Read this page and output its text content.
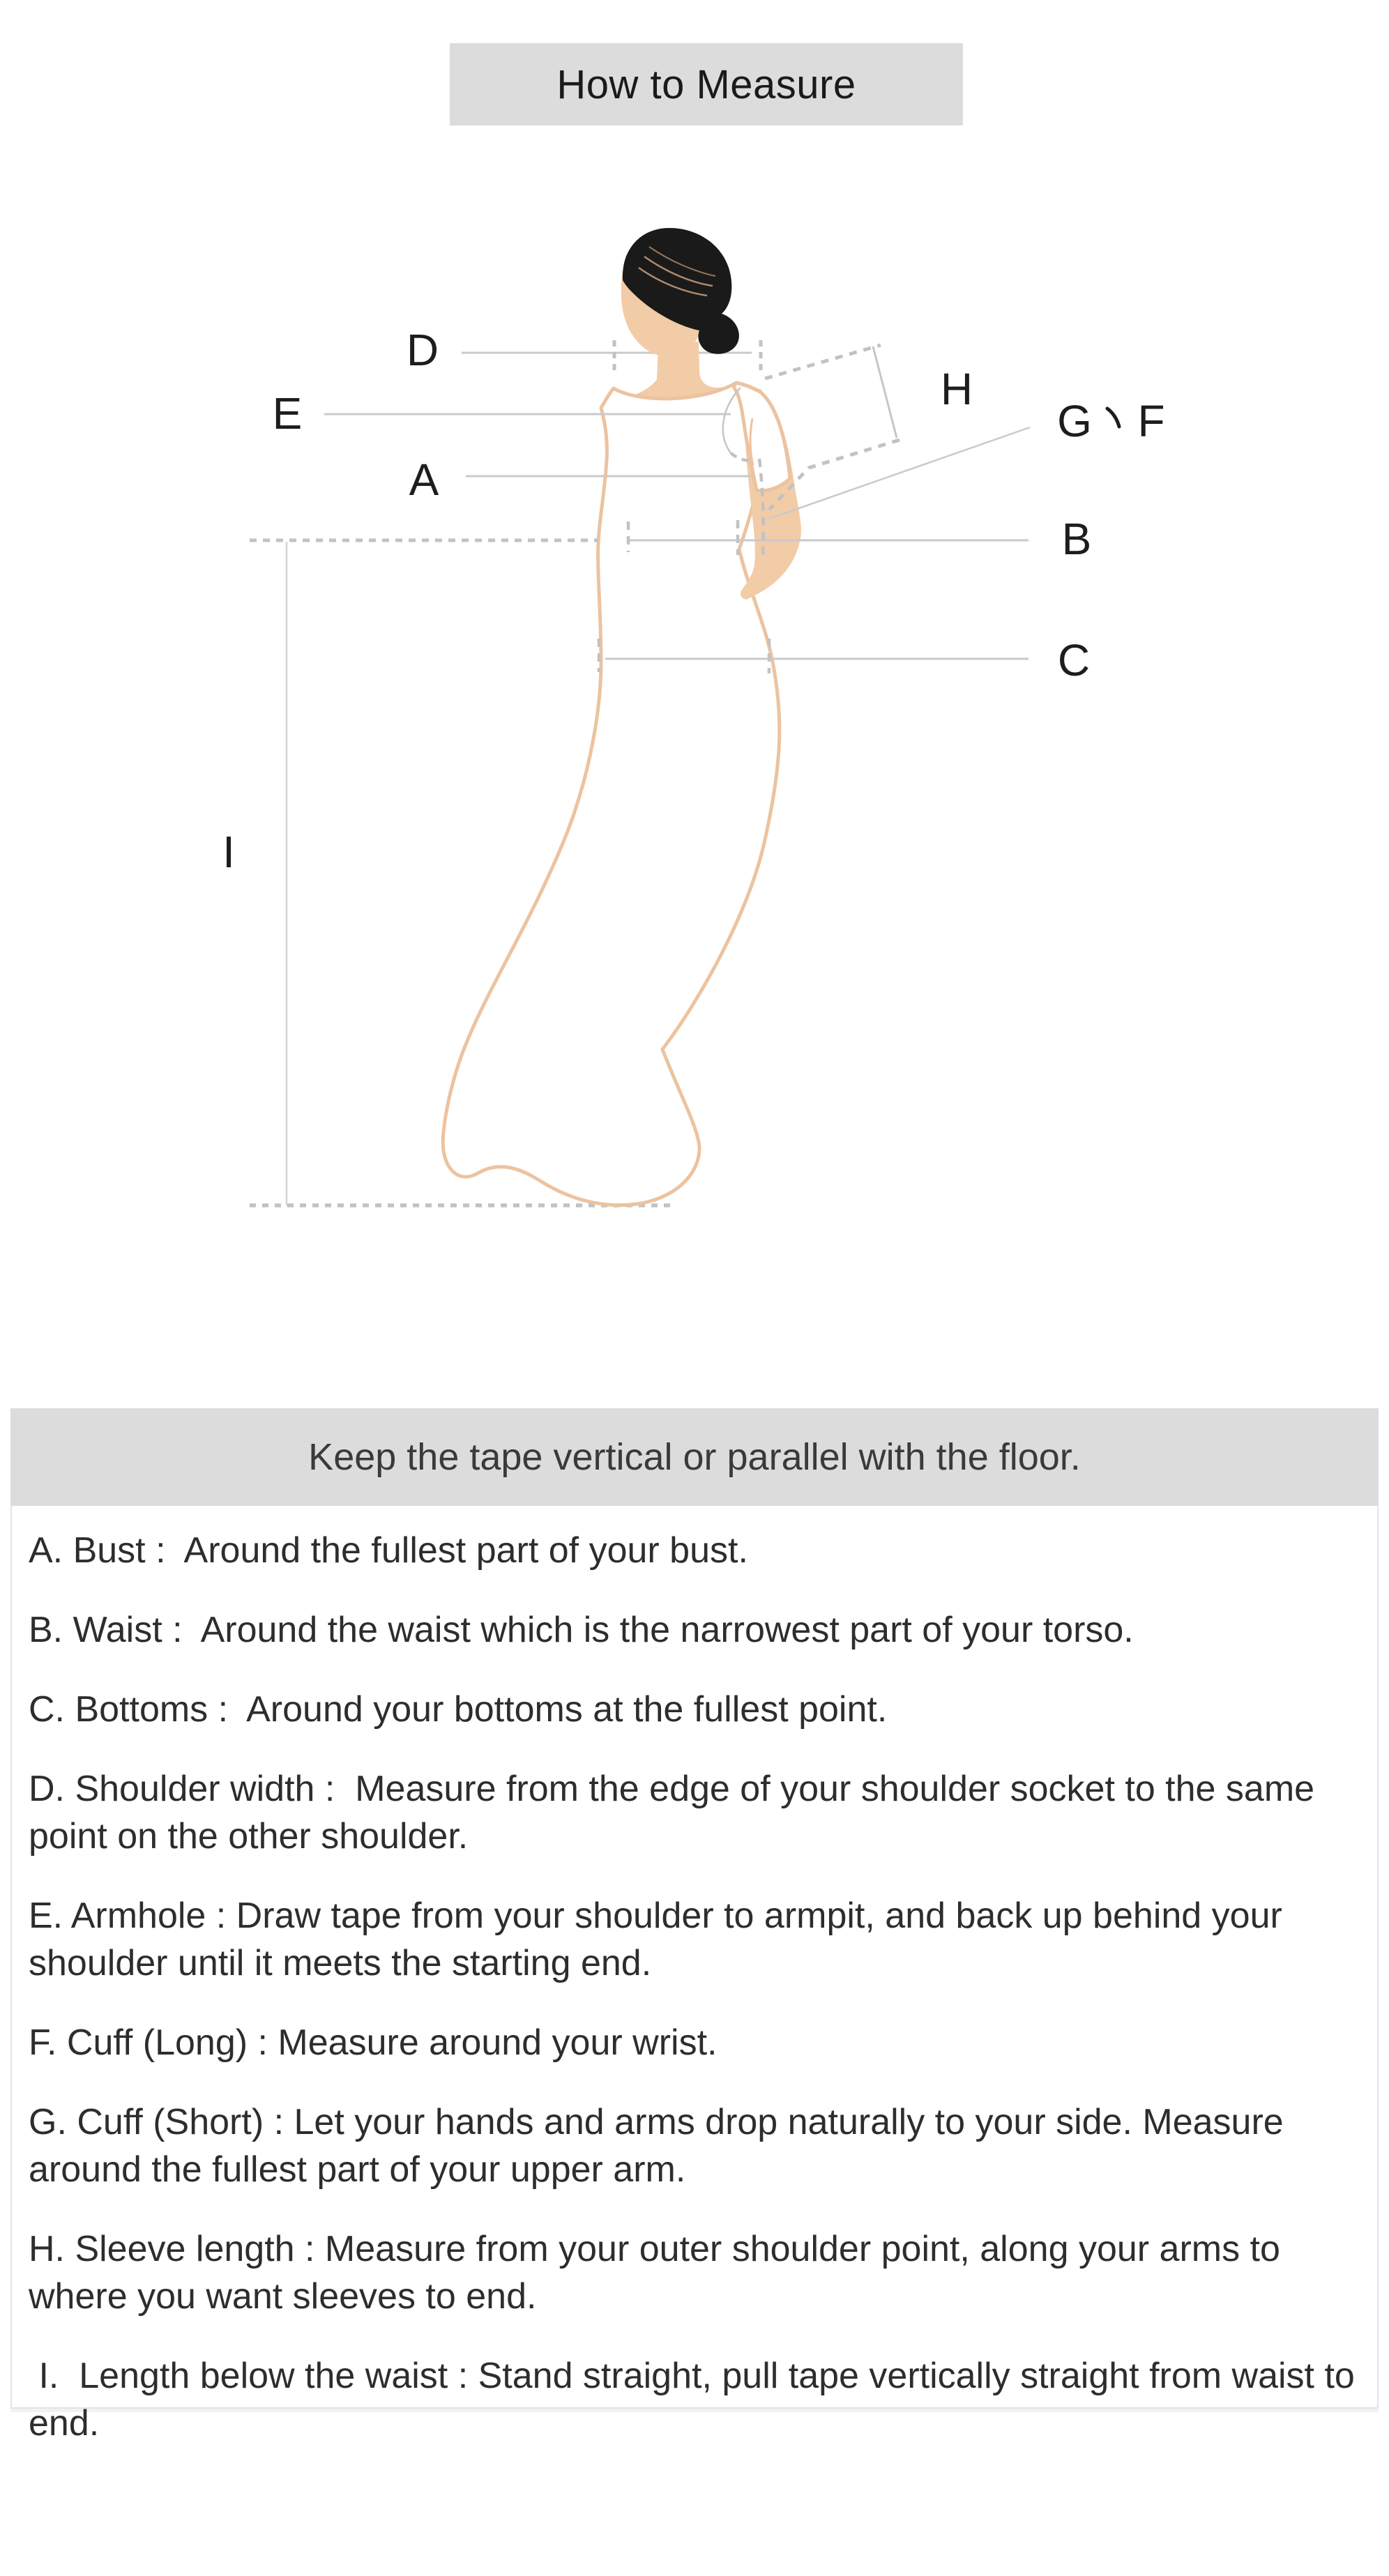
How to Measure
D
E
A
H
G F
B
C
I
Keep the tape vertical or parallel with the floor.

A. Bust :  Around the fullest part of your bust.

B. Waist :  Around the waist which is the narrowest part of your torso.

C. Bottoms :  Around your bottoms at the fullest point.

D. Shoulder width :  Measure from the edge of your shoulder socket to the same point on the other shoulder.

E. Armhole : Draw tape from your shoulder to armpit, and back up behind your shoulder until it meets the starting end.

F. Cuff (Long) : Measure around your wrist.

G. Cuff (Short) : Let your hands and arms drop naturally to your side. Measure around the fullest part of your upper arm.

H. Sleeve length : Measure from your outer shoulder point, along your arms to where you want sleeves to end.

I.  Length below the waist : Stand straight, pull tape vertically straight from waist to end.
